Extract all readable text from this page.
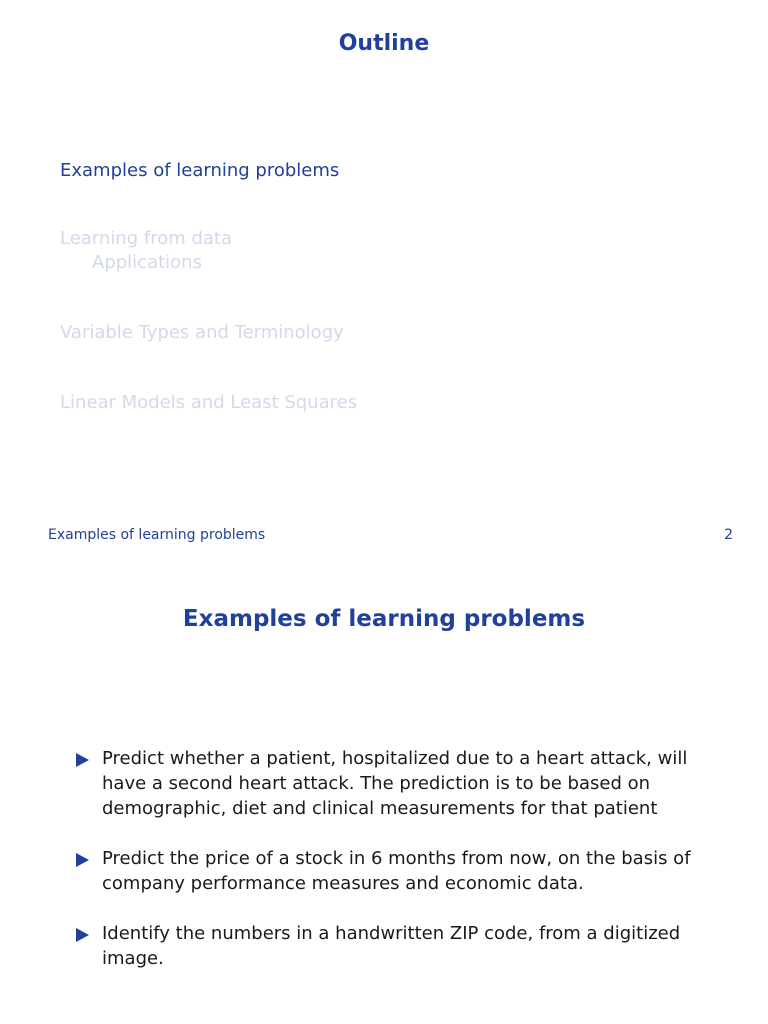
Outline
Examples of learning problems
Learning from data
Applications
Variable Types and Terminology
Linear Models and Least Squares
Examples of learning problems	2
Examples of learning problems
Predict whether a patient, hospitalized due to a heart attack, will have a second heart attack. The prediction is to be based on demographic, diet and clinical measurements for that patient
Predict the price of a stock in 6 months from now, on the basis of company performance measures and economic data.
Identify the numbers in a handwritten ZIP code, from a digitized image.
